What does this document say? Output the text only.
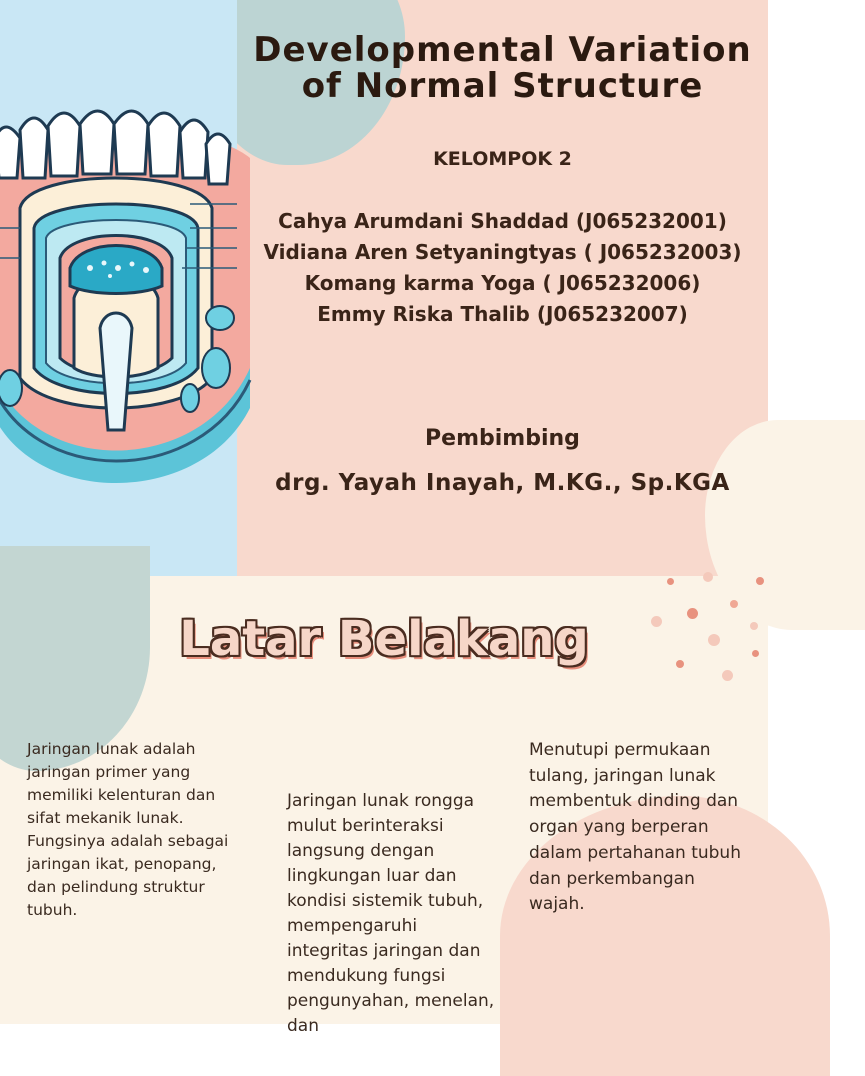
Developmental Variation
of Normal Structure
KELOMPOK 2
Cahya Arumdani Shaddad (J065232001)
Vidiana Aren Setyaningtyas ( J065232003)
Komang karma Yoga ( J065232006)
Emmy Riska Thalib (J065232007)
Pembimbing
drg. Yayah Inayah, M.KG., Sp.KGA
Latar Belakang

Jaringan lunak adalah jaringan primer yang memiliki kelenturan dan sifat mekanik lunak. Fungsinya adalah sebagai jaringan ikat, penopang, dan pelindung struktur tubuh.

Jaringan lunak rongga mulut berinteraksi langsung dengan lingkungan luar dan kondisi sistemik tubuh, mempengaruhi integritas jaringan dan mendukung fungsi pengunyahan, menelan, dan

Menutupi permukaan tulang, jaringan lunak membentuk dinding dan organ yang berperan dalam pertahanan tubuh dan perkembangan wajah.
